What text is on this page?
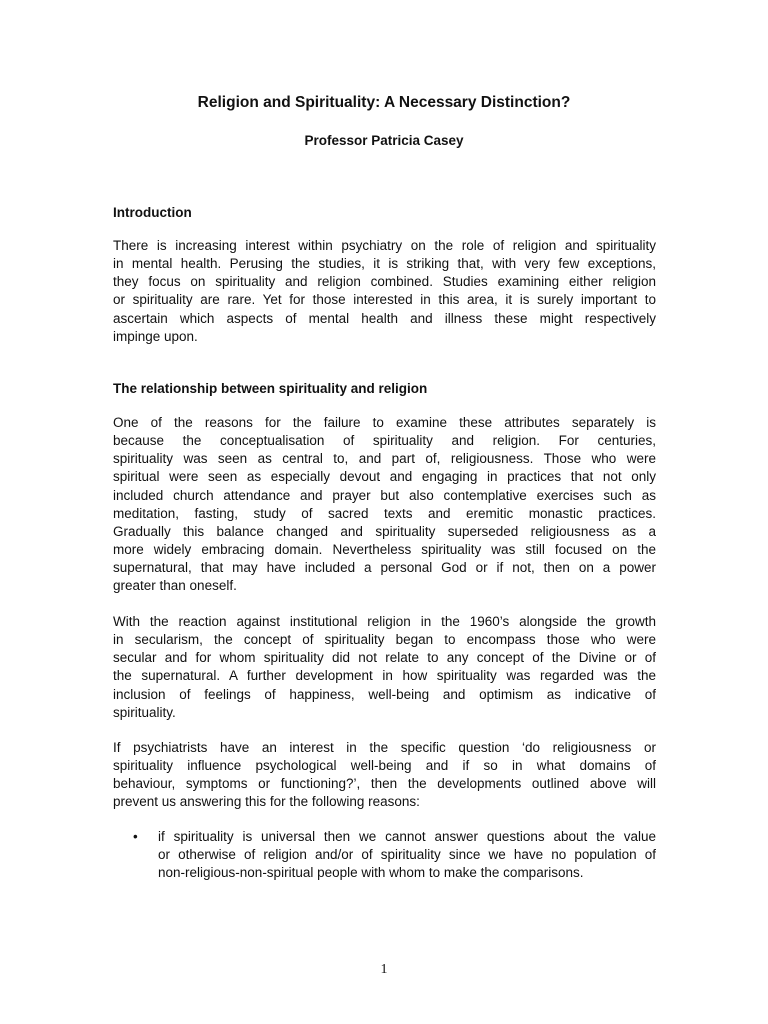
Religion and Spirituality: A Necessary Distinction?
Professor Patricia Casey
Introduction
There is increasing interest within psychiatry on the role of religion and spirituality
in mental health. Perusing the studies, it is striking that, with very few exceptions,
they focus on spirituality and religion combined. Studies examining either religion
or spirituality are rare. Yet for those interested in this area, it is surely important to
ascertain which aspects of mental health and illness these might respectively
impinge upon.
The relationship between spirituality and religion
One of the reasons for the failure to examine these attributes separately is
because the conceptualisation of spirituality and religion. For centuries,
spirituality was seen as central to, and part of, religiousness. Those who were
spiritual were seen as especially devout and engaging in practices that not only
included church attendance and prayer but also contemplative exercises such as
meditation, fasting, study of sacred texts and eremitic monastic practices.
Gradually this balance changed and spirituality superseded religiousness as a
more widely embracing domain. Nevertheless spirituality was still focused on the
supernatural, that may have included a personal God or if not, then on a power
greater than oneself.
With the reaction against institutional religion in the 1960’s alongside the growth
in secularism, the concept of spirituality began to encompass those who were
secular and for whom spirituality did not relate to any concept of the Divine or of
the supernatural. A further development in how spirituality was regarded was the
inclusion of feelings of happiness, well-being and optimism as indicative of
spirituality.
If psychiatrists have an interest in the specific question ‘do religiousness or
spirituality influence psychological well-being and if so in what domains of
behaviour, symptoms or functioning?’, then the developments outlined above will
prevent us answering this for the following reasons:
• if spirituality is universal then we cannot answer questions about the value
or otherwise of religion and/or of spirituality since we have no population of
non-religious-non-spiritual people with whom to make the comparisons.
1
